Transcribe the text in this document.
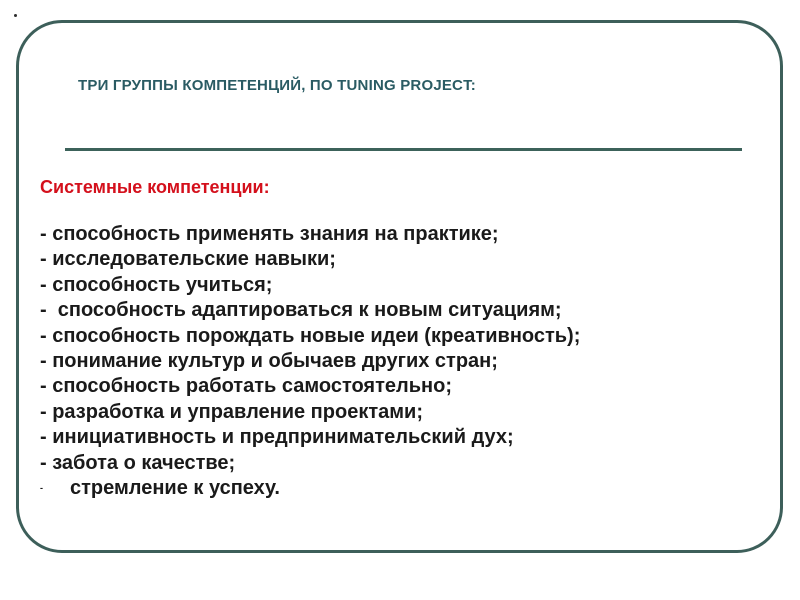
ТРИ ГРУППЫ КОМПЕТЕНЦИЙ, ПО TUNING PROJECT:
Системные компетенции:
- способность применять знания на практике;
- исследовательские навыки;
- способность учиться;
-  способность адаптироваться к новым ситуациям;
- способность порождать новые идеи (креативность);
- понимание культур и обычаев других стран;
- способность работать самостоятельно;
- разработка и управление проектами;
- инициативность и предпринимательский дух;
- забота о качестве;
- стремление к успеху.
